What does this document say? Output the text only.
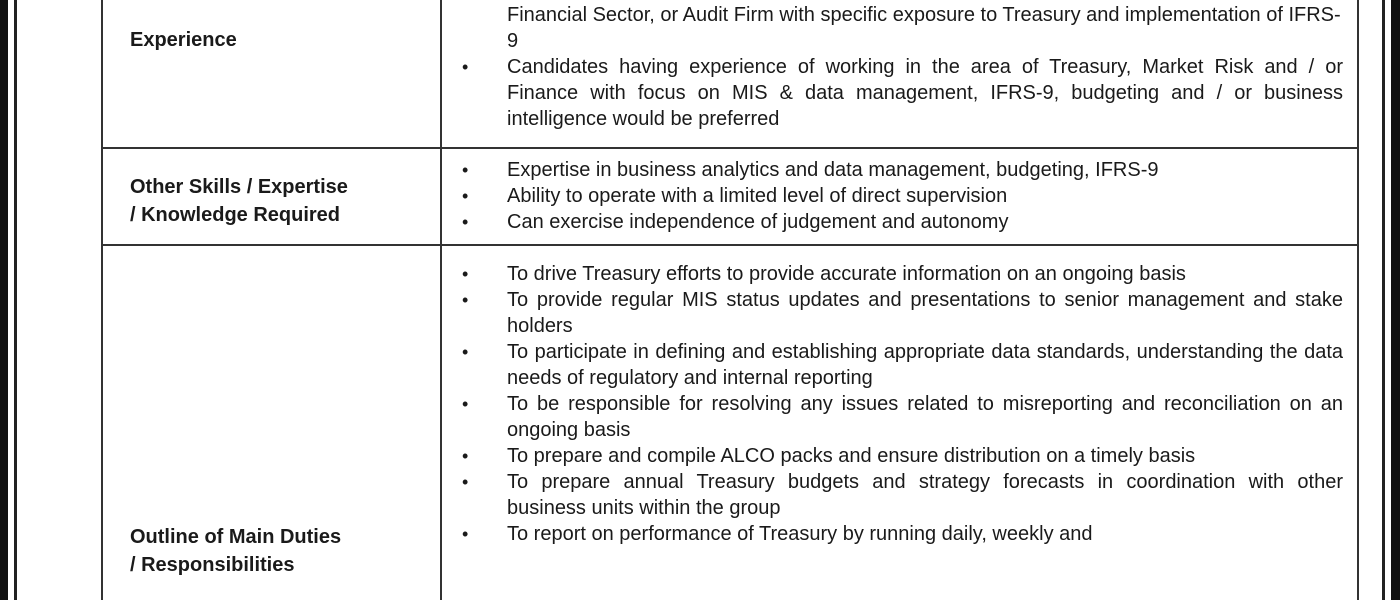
Experience
Financial Sector, or Audit Firm with specific exposure to Treasury and implementation of IFRS-9
• Candidates having experience of working in the area of Treasury, Market Risk and / or Finance with focus on MIS & data management, IFRS-9, budgeting and / or business intelligence would be preferred
Other Skills / Expertise
/ Knowledge Required
• Expertise in business analytics and data management, budgeting, IFRS-9
• Ability to operate with a limited level of direct supervision
• Can exercise independence of judgement and autonomy
Outline of Main Duties
/ Responsibilities
• To drive Treasury efforts to provide accurate information on an ongoing basis
• To provide regular MIS status updates and presentations to senior management and stake holders
• To participate in defining and establishing appropriate data standards, understanding the data needs of regulatory and internal reporting
• To be responsible for resolving any issues related to misreporting and reconciliation on an ongoing basis
• To prepare and compile ALCO packs and ensure distribution on a timely basis
• To prepare annual Treasury budgets and strategy forecasts in coordination with other business units within the group
• To report on performance of Treasury by running daily, weekly and
